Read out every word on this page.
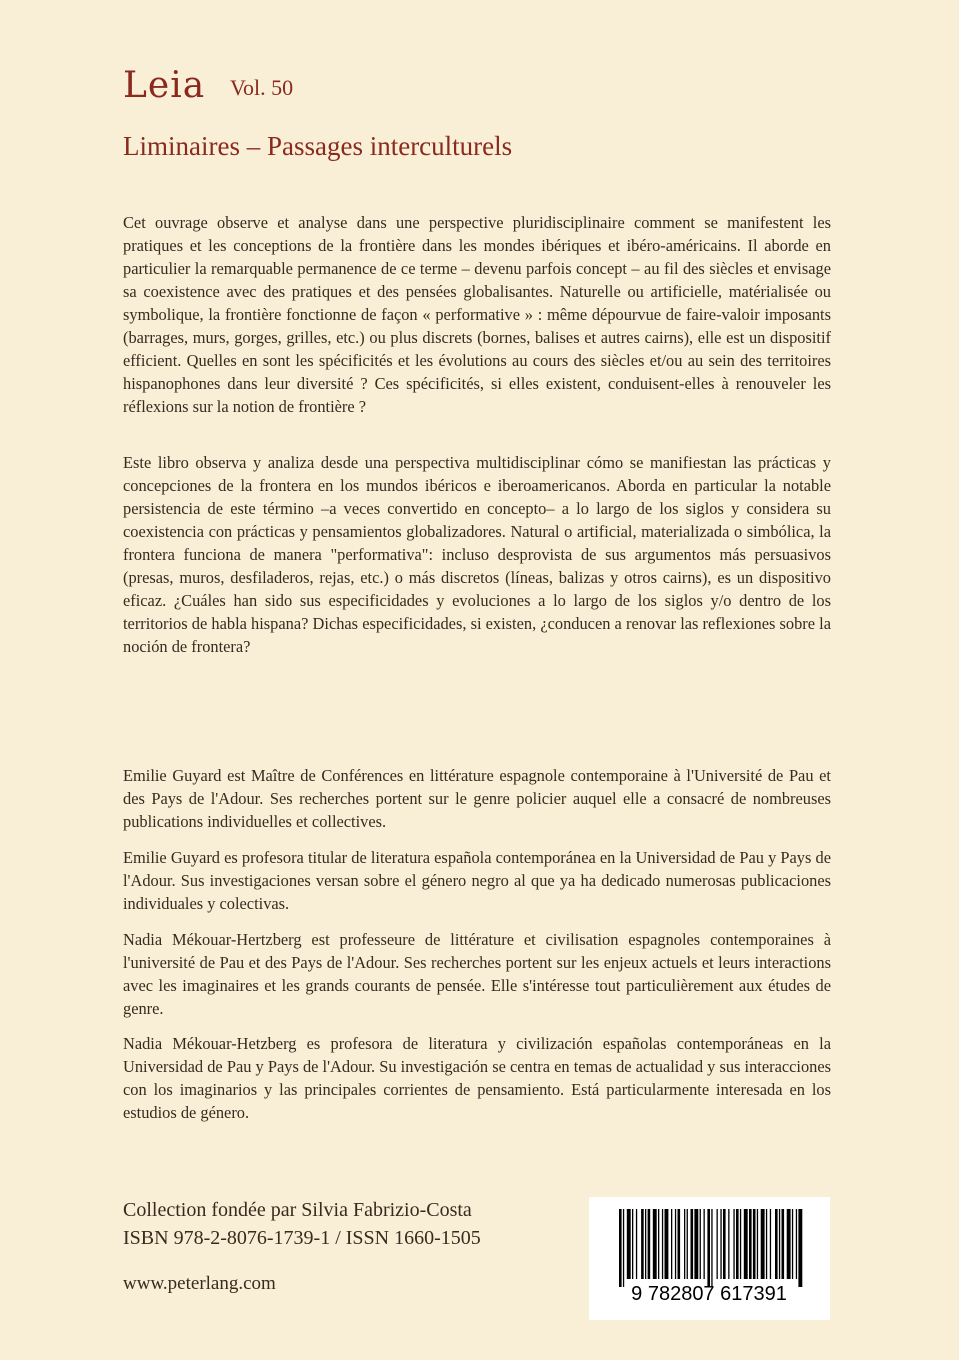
Leia Vol. 50
Liminaires – Passages interculturels

Cet ouvrage observe et analyse dans une perspective pluridisciplinaire comment se manifestent les pratiques et les conceptions de la frontière dans les mondes ibériques et ibéro-américains. Il aborde en particulier la remarquable permanence de ce terme – devenu parfois concept – au fil des siècles et envisage sa coexistence avec des pratiques et des pensées globalisantes. Naturelle ou artificielle, matérialisée ou symbolique, la frontière fonctionne de façon « performative » : même dépourvue de faire-valoir imposants (barrages, murs, gorges, grilles, etc.) ou plus discrets (bornes, balises et autres cairns), elle est un dispositif efficient. Quelles en sont les spécificités et les évolutions au cours des siècles et/ou au sein des territoires hispanophones dans leur diversité ? Ces spécificités, si elles existent, conduisent-elles à renouveler les réflexions sur la notion de frontière ?

Este libro observa y analiza desde una perspectiva multidisciplinar cómo se manifiestan las prácticas y concepciones de la frontera en los mundos ibéricos e iberoamericanos. Aborda en particular la notable persistencia de este término –a veces convertido en concepto– a lo largo de los siglos y considera su coexistencia con prácticas y pensamientos globalizadores. Natural o artificial, materializada o simbólica, la frontera funciona de manera "performativa": incluso desprovista de sus argumentos más persuasivos (presas, muros, desfiladeros, rejas, etc.) o más discretos (líneas, balizas y otros cairns), es un dispositivo eficaz. ¿Cuáles han sido sus especificidades y evoluciones a lo largo de los siglos y/o dentro de los territorios de habla hispana? Dichas especificidades, si existen, ¿conducen a renovar las reflexiones sobre la noción de frontera?

Emilie Guyard est Maître de Conférences en littérature espagnole contemporaine à l'Université de Pau et des Pays de l'Adour. Ses recherches portent sur le genre policier auquel elle a consacré de nombreuses publications individuelles et collectives.

Emilie Guyard es profesora titular de literatura española contemporánea en la Universidad de Pau y Pays de l'Adour. Sus investigaciones versan sobre el género negro al que ya ha dedicado numerosas publicaciones individuales y colectivas.

Nadia Mékouar-Hertzberg est professeure de littérature et civilisation espagnoles contemporaines à l'université de Pau et des Pays de l'Adour. Ses recherches portent sur les enjeux actuels et leurs interactions avec les imaginaires et les grands courants de pensée. Elle s'intéresse tout particulièrement aux études de genre.

Nadia Mékouar-Hetzberg es profesora de literatura y civilización españolas contemporáneas en la Universidad de Pau y Pays de l'Adour. Su investigación se centra en temas de actualidad y sus interacciones con los imaginarios y las principales corrientes de pensamiento. Está particularmente interesada en los estudios de género.

Collection fondée par Silvia Fabrizio-Costa
ISBN 978-2-8076-1739-1 / ISSN 1660-1505
www.peterlang.com	9 782807 617391
